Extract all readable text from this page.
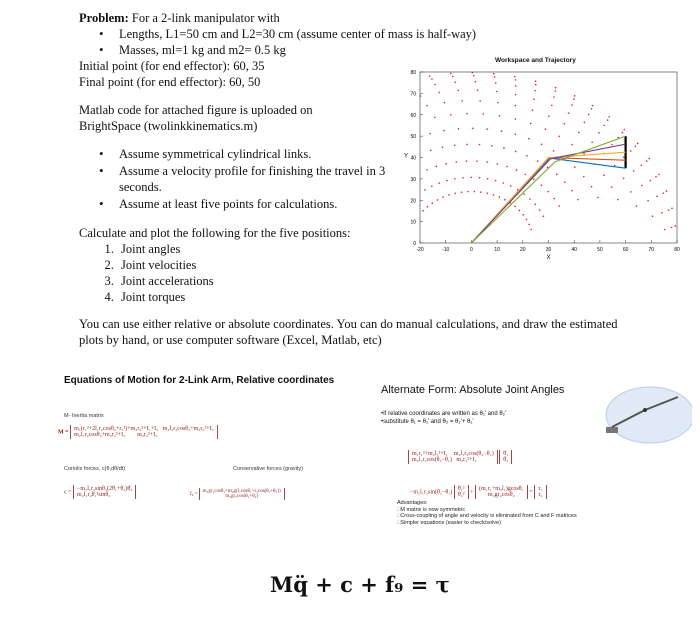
Problem: For a 2-link manipulator with

• Lengths, L1=50 cm and L2=30 cm (assume center of mass is half-way)
• Masses, ml=1 kg and m2= 0.5 kg

Initial point (for end effector): 60, 35

Final point (for end effector): 60, 50

Matlab code for attached figure is uploaded on

BrightSpace (twolinkkinematics.m)

• Assume symmetrical cylindrical links.
• Assume a velocity profile for finishing the travel in 3 seconds.
• Assume at least five points for calculations.

Calculate and plot the following for the five positions:

1. Joint angles
2. Joint velocities
3. Joint accelerations
4. Joint torques
You can use either relative or absolute coordinates. You can do manual calculations, and draw the estimated plots by hand, or use computer software (Excel, Matlab, etc)
Workspace and Trajectory
-20	-10	0	10	20	30	40	50	60	70	80
0
10
20
30
40
50
60
70
80
X
Y
Equations of Motion for 2-Link Arm, Relative coordinates
M- Inertia matrix
M =
m₁(r₁²+2l₁r₂cosθ₂+r₂²)+m₂r₂²+I₁+I₂ m₂l₁r₂cosθ₂+m₂r₂²+I₂
m₂l₁r₂cosθ₂+m₂r₂²+I₂ m₂r₂²+I₂
Coriolis forces, c(θ,dθ/dt)	Conservative forces (gravity)
c =
−m₂l₁r₂sinθ₂(2θ̇₁+θ̇₂)θ̇₂
m₂l₁r₂θ̇₁²sinθ₂	f₉ =
m₁gr₁cosθ₁+m₂g(l₁cosθ₁+r₂cos(θ₁+θ₂))
m₂gr₂cos(θ₁+θ₂)
Alternate Form: Absolute Joint Angles
• If relative coordinates are written as θ₁' and θ₂'
• substitute θ₁ = θ₁' and θ₂ = θ₂'+ θ₁'
m₁r₁²+m₂l₁²+I₁ m₂l₁r₂cos(θ₂−θ₁)
m₂l₁r₂cos(θ₂−θ₁) m₂r₂²+I₂

θ̈₁
θ̈₂
−m₂l₁r₂sin(θ₂−θ₁)
θ̇₁²
θ̇₂² +
(m₁r₁+m₂l₁)gcosθ₁
m₂gr₂cosθ₂	=
τ₁
τ₂
Advantages:
□ M matrix is now symmetric
□ Cross-coupling of angle and velocity is eliminated from C and F matrices
□ Simpler equations (easier to check/solve)
Mq̈ + c + f₉ = τ
